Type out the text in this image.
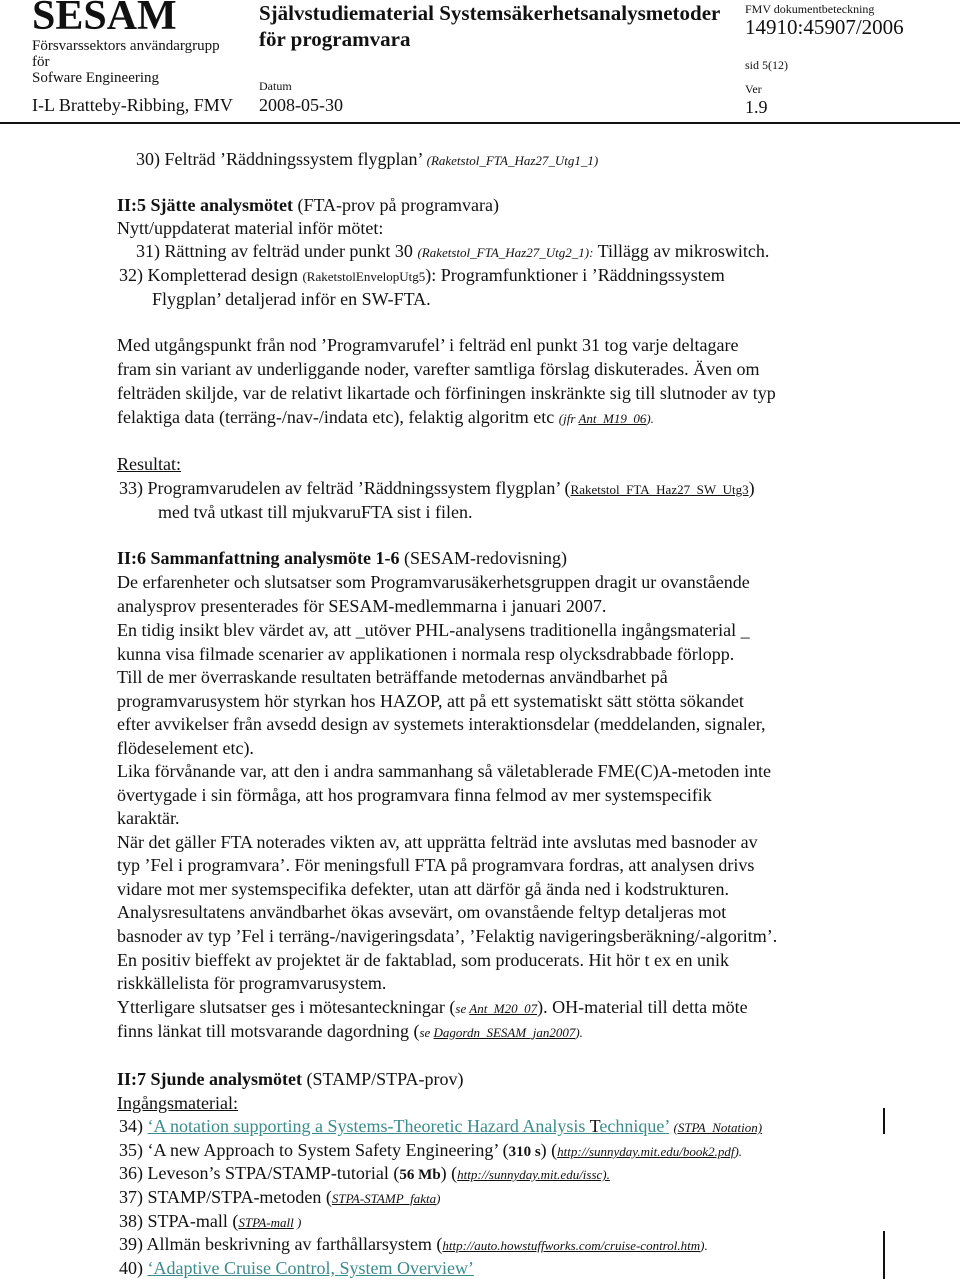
SESAM
Försvarssektors användargrupp
för
Sofware Engineering
I-L Bratteby-Ribbing, FMV
Självstudiematerial Systemsäkerhetsanalysmetoder
för programvara
Datum
2008-05-30
FMV dokumentbeteckning
14910:45907/2006
sid 5(12)
Ver
1.9
30) Felträd ’Räddningssystem flygplan’ (Raketstol_FTA_Haz27_Utg1_1)
II:5 Sjätte analysmötet (FTA-prov på programvara)
Nytt/uppdaterat material inför mötet:
31) Rättning av felträd under punkt 30 (Raketstol_FTA_Haz27_Utg2_1): Tillägg av mikroswitch.
32) Kompletterad design (RaketstolEnvelopUtg5): Programfunktioner i ’Räddningssystem
Flygplan’ detaljerad inför en SW-FTA.
Med utgångspunkt från nod ’Programvarufel’ i felträd enl punkt 31 tog varje deltagare
fram sin variant av underliggande noder, varefter samtliga förslag diskuterades. Även om
felträden skiljde, var de relativt likartade och förfiningen inskränkte sig till slutnoder av typ
felaktiga data (terräng-/nav-/indata etc), felaktig algoritm etc (jfr Ant_M19_06).
Resultat:
33) Programvarudelen av felträd ’Räddningssystem flygplan’ (Raketstol_FTA_Haz27_SW_Utg3)
med två utkast till mjukvaruFTA sist i filen.
II:6 Sammanfattning analysmöte 1-6 (SESAM-redovisning)
De erfarenheter och slutsatser som Programvarusäkerhetsgruppen dragit ur ovanstående
analysprov presenterades för SESAM-medlemmarna i januari 2007.
En tidig insikt blev värdet av, att _utöver PHL-analysens traditionella ingångsmaterial _
kunna visa filmade scenarier av applikationen i normala resp olycksdrabbade förlopp.
Till de mer överraskande resultaten beträffande metodernas användbarhet på
programvarusystem hör styrkan hos HAZOP, att på ett systematiskt sätt stötta sökandet
efter avvikelser från avsedd design av systemets interaktionsdelar (meddelanden, signaler,
flödeselement etc).
Lika förvånande var, att den i andra sammanhang så väletablerade FME(C)A-metoden inte
övertygade i sin förmåga, att hos programvara finna felmod av mer systemspecifik
karaktär.
När det gäller FTA noterades vikten av, att upprätta felträd inte avslutas med basnoder av
typ ’Fel i programvara’. För meningsfull FTA på programvara fordras, att analysen drivs
vidare mot mer systemspecifika defekter, utan att därför gå ända ned i kodstrukturen.
Analysresultatens användbarhet ökas avsevärt, om ovanstående feltyp detaljeras mot
basnoder av typ ’Fel i terräng-/navigeringsdata’, ’Felaktig navigeringsberäkning/-algoritm’.
En positiv bieffekt av projektet är de faktablad, som producerats. Hit hör t ex en unik
riskkällelista för programvarusystem.
Ytterligare slutsatser ges i mötesanteckningar (se Ant_M20_07). OH-material till detta möte
finns länkat till motsvarande dagordning (se Dagordn_SESAM_jan2007).
II:7 Sjunde analysmötet (STAMP/STPA-prov)
Ingångsmaterial:
34) ‘A notation supporting a Systems-Theoretic Hazard Analysis Technique’ (STPA_Notation)
35) ‘A new Approach to System Safety Engineering’ (310 s) (http://sunnyday.mit.edu/book2.pdf).
36) Leveson’s STPA/STAMP-tutorial (56 Mb) (http://sunnyday.mit.edu/issc).
37) STAMP/STPA-metoden (STPA-STAMP_fakta)
38) STPA-mall (STPA-mall )
39) Allmän beskrivning av farthållarsystem (http://auto.howstuffworks.com/cruise-control.htm).
40) ‘Adaptive Cruise Control, System Overview’
